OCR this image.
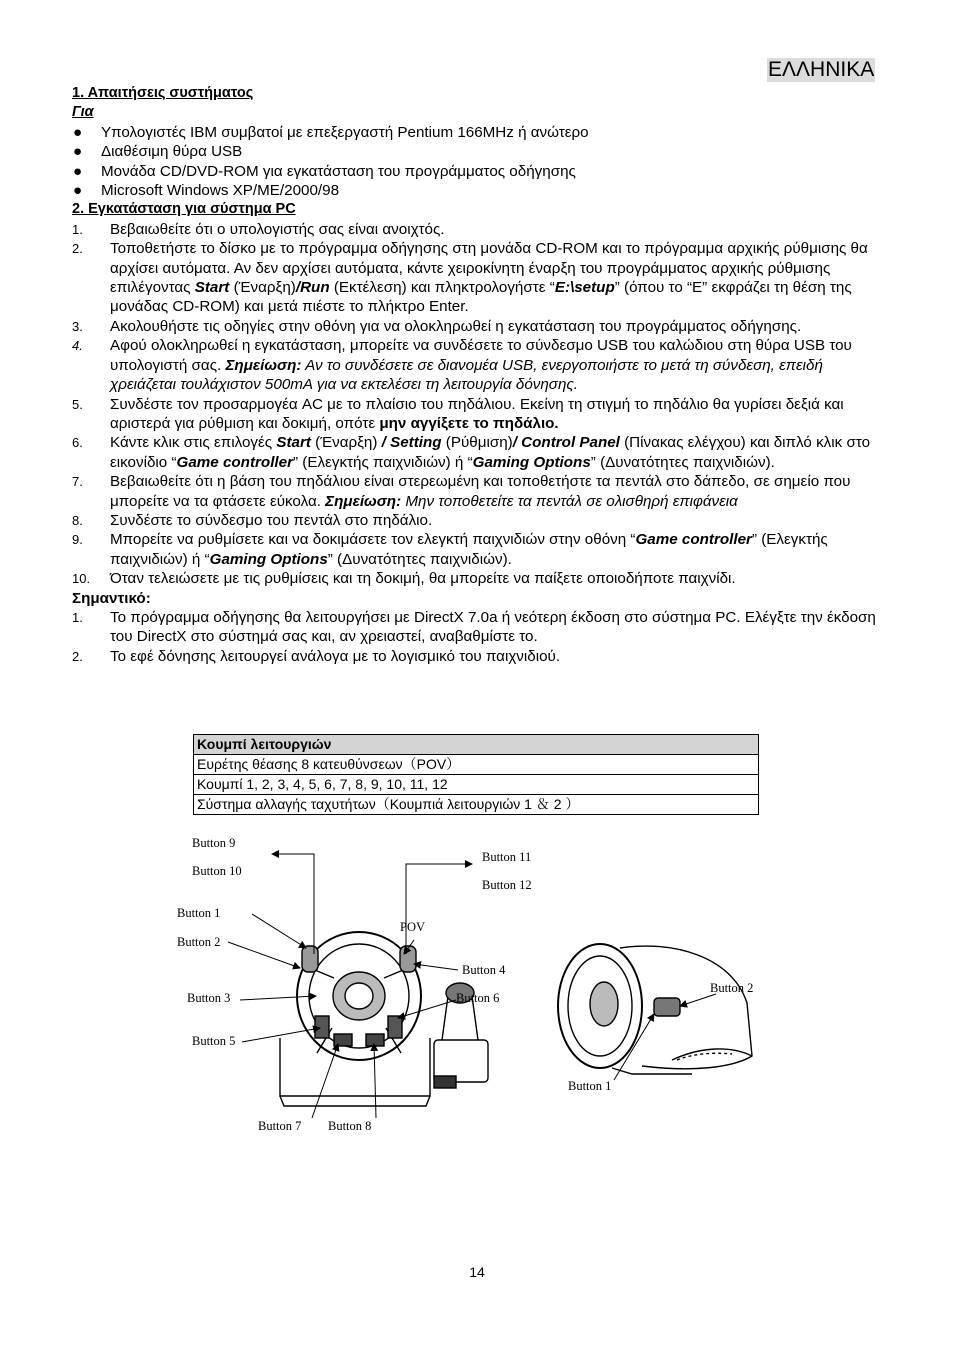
ΕΛΛΗΝΙΚΑ
1. Απαιτήσεις συστήματος
Για
● Υπολογιστές IBM συμβατοί με επεξεργαστή Pentium 166MHz ή ανώτερο
● Διαθέσιμη θύρα USB
● Μονάδα CD/DVD-ROM για εγκατάσταση του προγράμματος οδήγησης
● Microsoft Windows XP/ME/2000/98
2. Εγκατάσταση για σύστημα PC
1. Βεβαιωθείτε ότι ο υπολογιστής σας είναι ανοιχτός.
2. Τοποθετήστε το δίσκο με το πρόγραμμα οδήγησης στη μονάδα CD-ROM και το πρόγραμμα αρχικής ρύθμισης θα αρχίσει αυτόματα. Αν δεν αρχίσει αυτόματα, κάντε χειροκίνητη έναρξη του προγράμματος αρχικής ρύθμισης επιλέγοντας Start (Έναρξη)/Run (Εκτέλεση) και πληκτρολογήστε “E:\setup” (όπου το “E” εκφράζει τη θέση της μονάδας CD-ROM) και μετά πιέστε το πλήκτρο Enter.
3. Ακολουθήστε τις οδηγίες στην οθόνη για να ολοκληρωθεί η εγκατάσταση του προγράμματος οδήγησης.
4. Αφού ολοκληρωθεί η εγκατάσταση, μπορείτε να συνδέσετε το σύνδεσμο USB του καλώδιου στη θύρα USB του υπολογιστή σας. Σημείωση: Αν το συνδέσετε σε διανομέα USB, ενεργοποιήστε το μετά τη σύνδεση, επειδή χρειάζεται τουλάχιστον 500mA για να εκτελέσει τη λειτουργία δόνησης.
5. Συνδέστε τον προσαρμογέα AC με το πλαίσιο του πηδάλιου. Εκείνη τη στιγμή το πηδάλιο θα γυρίσει δεξιά και αριστερά για ρύθμιση και δοκιμή, οπότε μην αγγίξετε το πηδάλιο.
6. Κάντε κλικ στις επιλογές Start (Έναρξη) / Setting (Ρύθμιση)/ Control Panel (Πίνακας ελέγχου) και διπλό κλικ στο εικονίδιο “Game controller” (Ελεγκτής παιχνιδιών) ή “Gaming Options” (Δυνατότητες παιχνιδιών).
7. Βεβαιωθείτε ότι η βάση του πηδάλιου είναι στερεωμένη και τοποθετήστε τα πεντάλ στο δάπεδο, σε σημείο που μπορείτε να τα φτάσετε εύκολα. Σημείωση: Μην τοποθετείτε τα πεντάλ σε ολισθηρή επιφάνεια
8. Συνδέστε το σύνδεσμο του πεντάλ στο πηδάλιο.
9. Μπορείτε να ρυθμίσετε και να δοκιμάσετε τον ελεγκτή παιχνιδιών στην οθόνη “Game controller” (Ελεγκτής παιχνιδιών) ή “Gaming Options” (Δυνατότητες παιχνιδιών).
10. Όταν τελειώσετε με τις ρυθμίσεις και τη δοκιμή, θα μπορείτε να παίξετε οποιοδήποτε παιχνίδι.
Σημαντικό:
1. Το πρόγραμμα οδήγησης θα λειτουργήσει με DirectX 7.0a ή νεότερη έκδοση στο σύστημα PC. Ελέγξτε την έκδοση του DirectX στο σύστημά σας και, αν χρειαστεί, αναβαθμίστε το.
2. Το εφέ δόνησης λειτουργεί ανάλογα με το λογισμικό του παιχνιδιού.
Κουμπί λειτουργιών
Ευρέτης θέασης 8 κατευθύνσεων（POV）
Κουμπί 1, 2, 3, 4, 5, 6, 7, 8, 9, 10, 11, 12
Σύστημα αλλαγής ταχυτήτων（Κουμπιά λειτουργιών 1 ＆ 2 ）
Button 9
Button 10
Button 1
Button 2
Button 3
Button 5
Button 7 Button 8
Button 11
Button 12
POV
Button 4
Button 6
Button 2
Button 1
14
